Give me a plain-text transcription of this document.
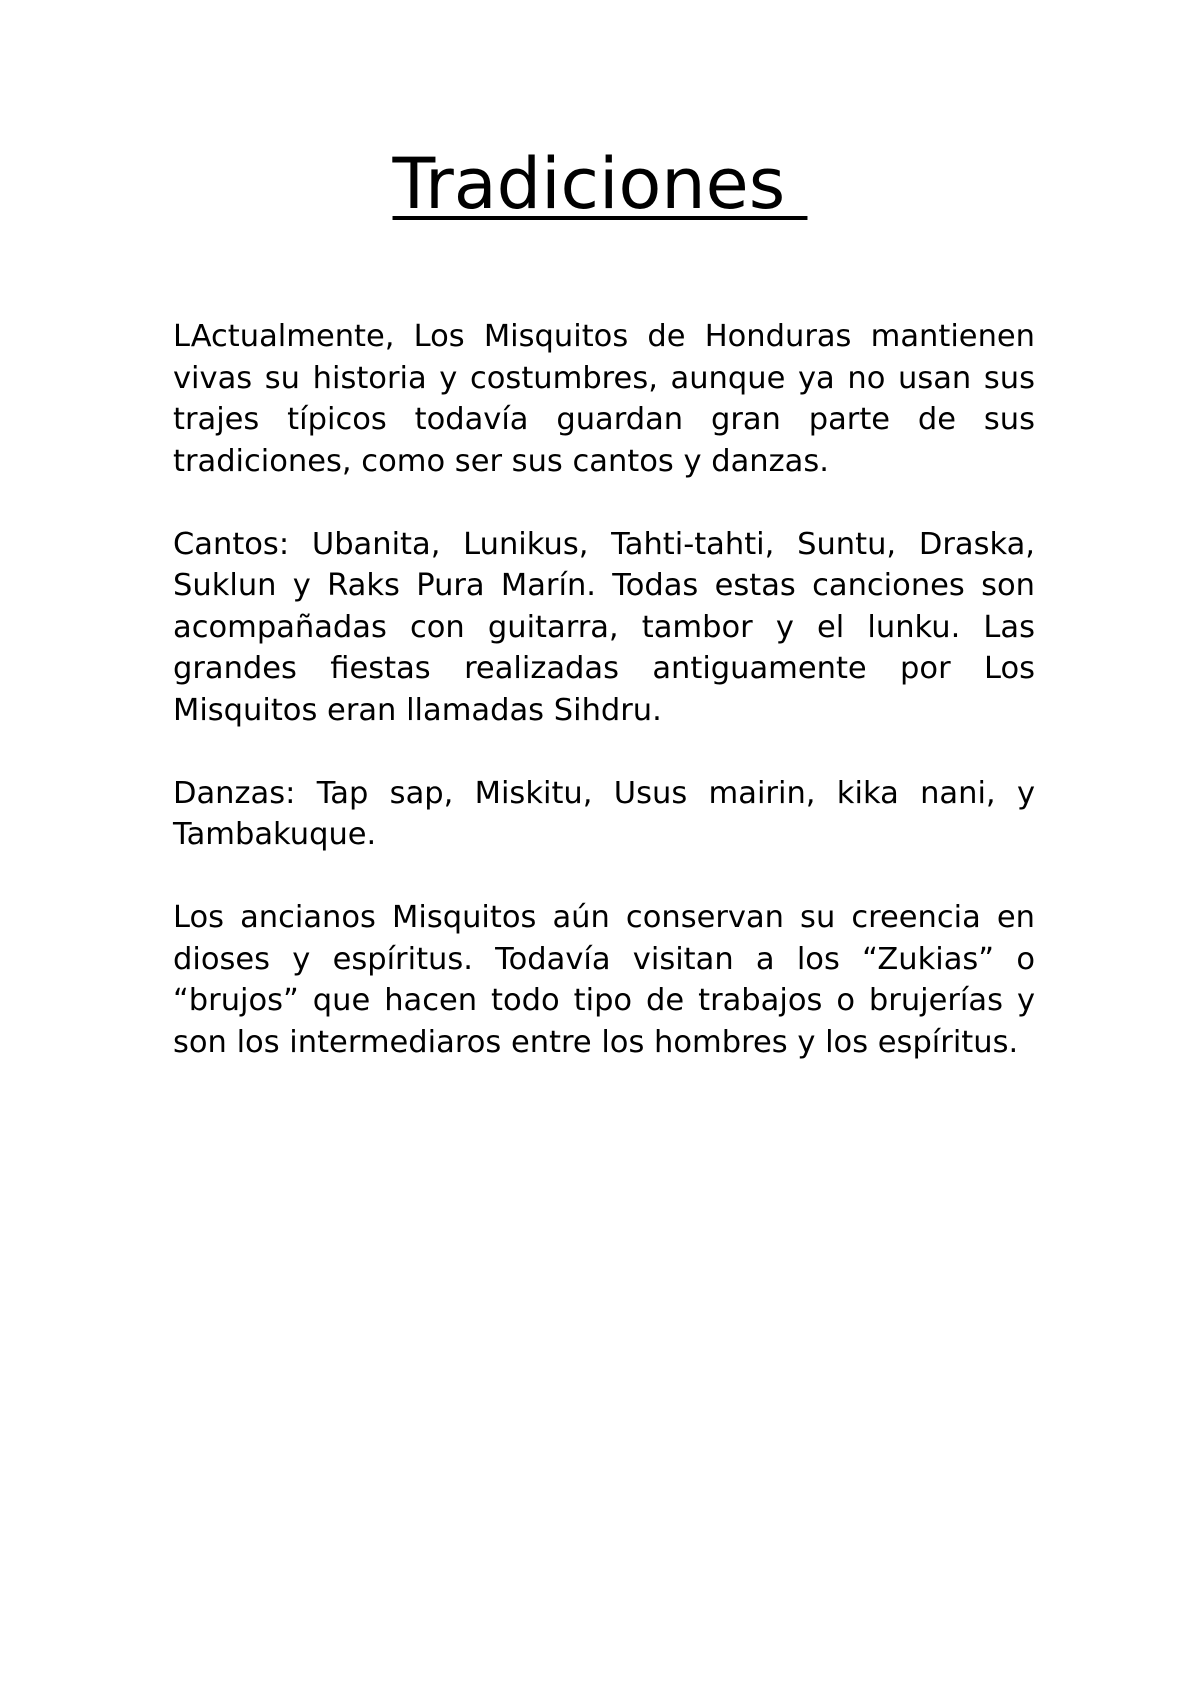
Tradiciones

LActualmente, Los Misquitos de Honduras mantienen vivas su historia y costumbres, aunque ya no usan sus trajes típicos todavía guardan gran parte de sus tradiciones, como ser sus cantos y danzas.

Cantos: Ubanita, Lunikus, Tahti-tahti, Suntu, Draska, Suklun y Raks Pura Marín. Todas estas canciones son acompañadas con guitarra, tambor y el lunku. Las grandes fiestas realizadas antiguamente por Los Misquitos eran llamadas Sihdru.

Danzas: Tap sap, Miskitu, Usus mairin, kika nani, y Tambakuque.

Los ancianos Misquitos aún conservan su creencia en dioses y espíritus. Todavía visitan a los “Zukias” o “brujos” que hacen todo tipo de trabajos o brujerías y son los intermediaros entre los hombres y los espíritus.
